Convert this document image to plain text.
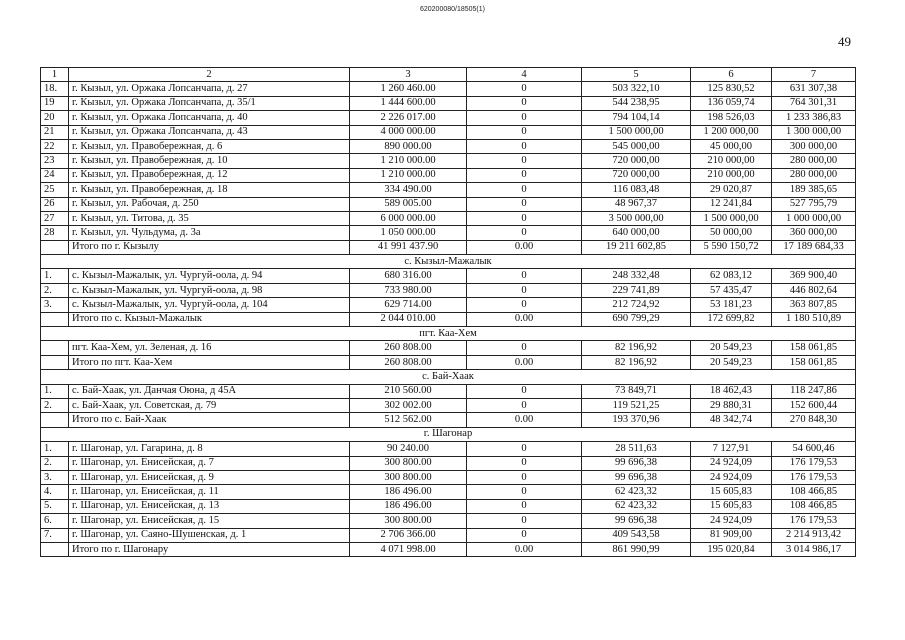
620200080/18505(1)
49
1	2	3	4	5	6	7
18.	г. Кызыл, ул. Оржака Лопсанчапа, д. 27	1 260 460.00	0	503 322,10	125 830,52	631 307,38
19	г. Кызыл, ул. Оржака Лопсанчапа, д. 35/1	1 444 600.00	0	544 238,95	136 059,74	764 301,31
20	г. Кызыл, ул. Оржака Лопсанчапа, д. 40	2 226 017.00	0	794 104,14	198 526,03	1 233 386,83
21	г. Кызыл, ул. Оржака Лопсанчапа, д. 43	4 000 000.00	0	1 500 000,00	1 200 000,00	1 300 000,00
22	г. Кызыл, ул. Правобережная, д. 6	890 000.00	0	545 000,00	45 000,00	300 000,00
23	г. Кызыл, ул. Правобережная, д. 10	1 210 000.00	0	720 000,00	210 000,00	280 000,00
24	г. Кызыл, ул. Правобережная, д. 12	1 210 000.00	0	720 000,00	210 000,00	280 000,00
25	г. Кызыл, ул. Правобережная, д. 18	334 490.00	0	116 083,48	29 020,87	189 385,65
26	г. Кызыл, ул. Рабочая, д. 250	589 005.00	0	48 967,37	12 241,84	527 795,79
27	г. Кызыл, ул. Титова, д. 35	6 000 000.00	0	3 500 000,00	1 500 000,00	1 000 000,00
28	г. Кызыл, ул. Чульдума, д. 3а	1 050 000.00	0	640 000,00	50 000,00	360 000,00
	Итого по г. Кызылу	41 991 437.90	0.00	19 211 602,85	5 590 150,72	17 189 684,33
с. Кызыл-Мажалык						
1.	с. Кызыл-Мажалык, ул. Чургуй-оола, д. 94	680 316.00	0	248 332,48	62 083,12	369 900,40
2.	с. Кызыл-Мажалык, ул. Чургуй-оола, д. 98	733 980.00	0	229 741,89	57 435,47	446 802,64
3.	с. Кызыл-Мажалык, ул. Чургуй-оола, д. 104	629 714.00	0	212 724,92	53 181,23	363 807,85
	Итого по с. Кызыл-Мажалык	2 044 010.00	0.00	690 799,29	172 699,82	1 180 510,89
пгт. Каа-Хем						
	пгт. Каа-Хем, ул. Зеленая, д. 16	260 808.00	0	82 196,92	20 549,23	158 061,85
	Итого по пгт. Каа-Хем	260 808.00	0.00	82 196,92	20 549,23	158 061,85
с. Бай-Хаак						
1.	с. Бай-Хаак, ул. Данчая Оюна, д 45А	210 560.00	0	73 849,71	18 462,43	118 247,86
2.	с. Бай-Хаак, ул. Советская, д. 79	302 002.00	0	119 521,25	29 880,31	152 600,44
	Итого по с. Бай-Хаак	512 562.00	0.00	193 370,96	48 342,74	270 848,30
г. Шагонар						
1.	г. Шагонар, ул. Гагарина, д. 8	90 240.00	0	28 511,63	7 127,91	54 600,46
2.	г. Шагонар, ул. Енисейская, д. 7	300 800.00	0	99 696,38	24 924,09	176 179,53
3.	г. Шагонар, ул. Енисейская, д. 9	300 800.00	0	99 696,38	24 924,09	176 179,53
4.	г. Шагонар, ул. Енисейская, д. 11	186 496.00	0	62 423,32	15 605,83	108 466,85
5.	г. Шагонар, ул. Енисейская, д. 13	186 496.00	0	62 423,32	15 605,83	108 466,85
6.	г. Шагонар, ул. Енисейская, д. 15	300 800.00	0	99 696,38	24 924,09	176 179,53
7.	г. Шагонар, ул. Саяно-Шушенская, д. 1	2 706 366.00	0	409 543,58	81 909,00	2 214 913,42
	Итого по г. Шагонару	4 071 998.00	0.00	861 990,99	195 020,84	3 014 986,17
